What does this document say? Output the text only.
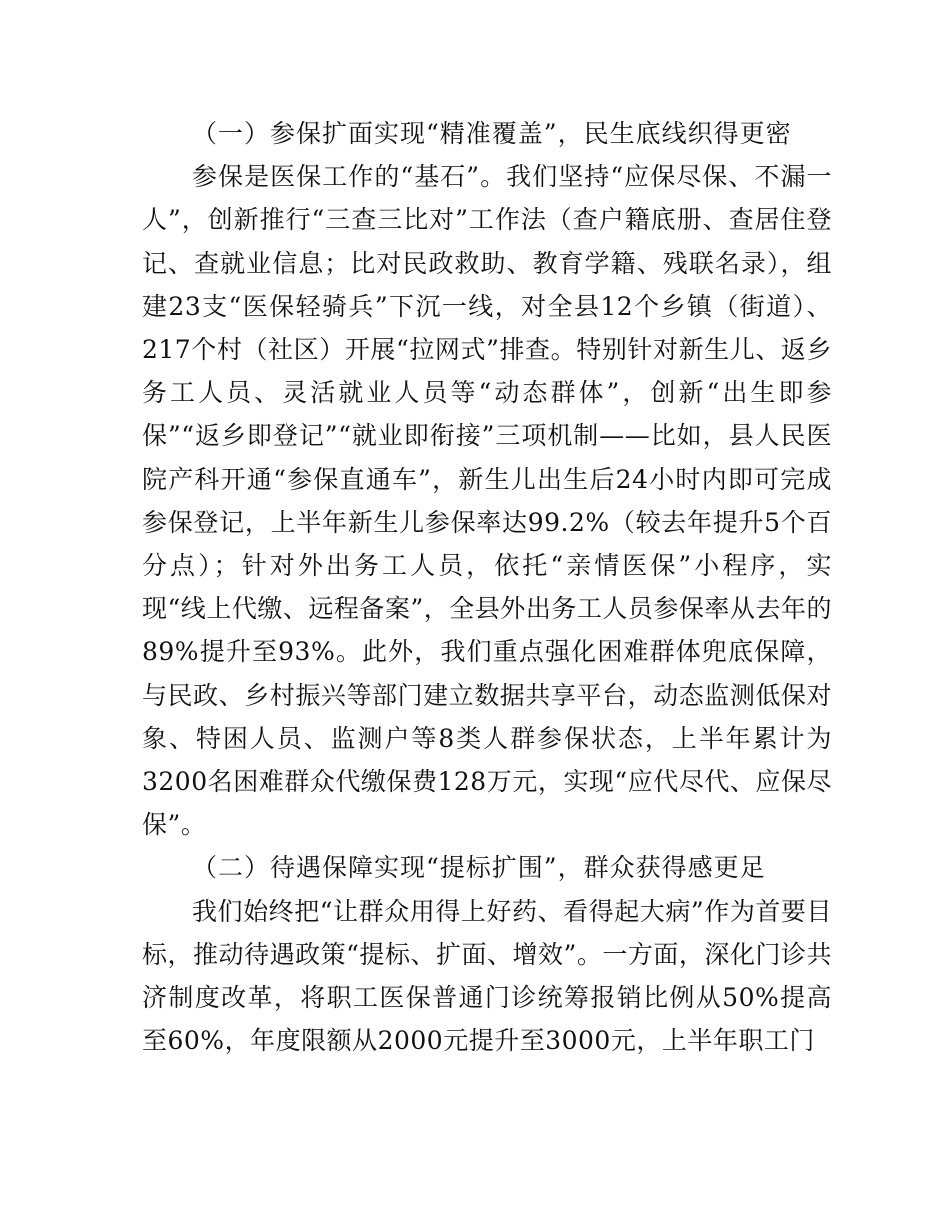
（一）参保扩面实现“精准覆盖”，民生底线织得更密

参保是医保工作的“基石”。我们坚持“应保尽保、不漏一人”，创新推行“三查三比对”工作法（查户籍底册、查居住登记、查就业信息；比对民政救助、教育学籍、残联名录），组建23支“医保轻骑兵”下沉一线，对全县12个乡镇（街道）、217个村（社区）开展“拉网式”排查。特别针对新生儿、返乡务工人员、灵活就业人员等“动态群体”，创新“出生即参保”“返乡即登记”“就业即衔接”三项机制——比如，县人民医院产科开通“参保直通车”，新生儿出生后24小时内即可完成参保登记，上半年新生儿参保率达99.2%（较去年提升5个百分点）；针对外出务工人员，依托“亲情医保”小程序，实现“线上代缴、远程备案”，全县外出务工人员参保率从去年的89%提升至93%。此外，我们重点强化困难群体兜底保障，与民政、乡村振兴等部门建立数据共享平台，动态监测低保对象、特困人员、监测户等8类人群参保状态，上半年累计为3200名困难群众代缴保费128万元，实现“应代尽代、应保尽保”。

（二）待遇保障实现“提标扩围”，群众获得感更足

我们始终把“让群众用得上好药、看得起大病”作为首要目标，推动待遇政策“提标、扩面、增效”。一方面，深化门诊共济制度改革，将职工医保普通门诊统筹报销比例从50%提高至60%，年度限额从2000元提升至3000元，上半年职工门
